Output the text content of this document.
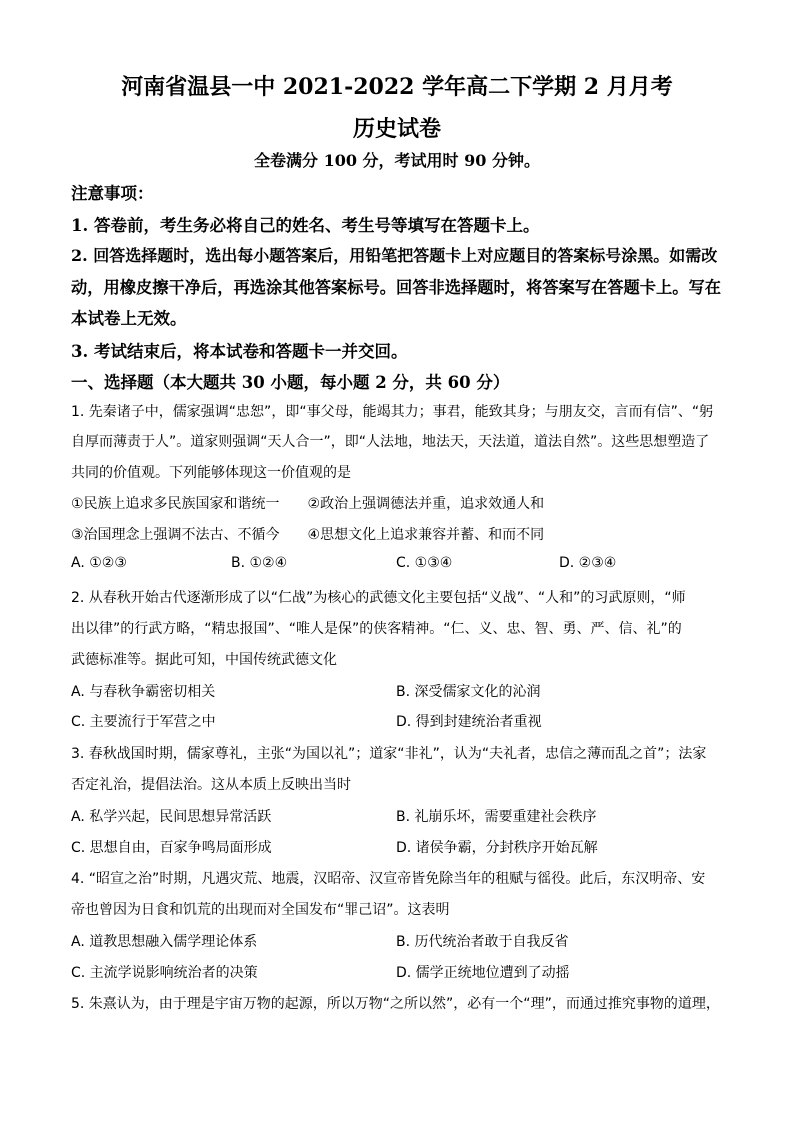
河南省温县一中 2021-2022 学年高二下学期 2 月月考
历史试卷
全卷满分 100 分，考试用时 90 分钟。
注意事项：
1. 答卷前，考生务必将自己的姓名、考生号等填写在答题卡上。
2. 回答选择题时，选出每小题答案后，用铅笔把答题卡上对应题目的答案标号涂黑。如需改
动，用橡皮擦干净后，再选涂其他答案标号。回答非选择题时，将答案写在答题卡上。写在
本试卷上无效。
3. 考试结束后，将本试卷和答题卡一并交回。
一、选择题（本大题共 30 小题，每小题 2 分，共 60 分）
1. 先秦诸子中，儒家强调“忠恕”，即“事父母，能竭其力；事君，能致其身；与朋友交，言而有信”、“躬
自厚而薄责于人”。道家则强调“天人合一”，即“人法地，地法天，天法道，道法自然”。这些思想塑造了
共同的价值观。下列能够体现这一价值观的是
①民族上追求多民族国家和谐统一　　②政治上强调德法并重，追求效通人和
③治国理念上强调不法古、不循今　　④思想文化上追求兼容并蓄、和而不同
A. ①②③	B. ①②④	C. ①③④	D. ②③④
2. 从春秋开始古代逐渐形成了以“仁战”为核心的武德文化主要包括“义战”、“人和”的习武原则，“师
出以律”的行武方略，“精忠报国”、“唯人是保”的侠客精神。“仁、义、忠、智、勇、严、信、礼”的
武德标准等。据此可知，中国传统武德文化
A. 与春秋争霸密切相关	B. 深受儒家文化的沁润
C. 主要流行于军营之中	D. 得到封建统治者重视
3. 春秋战国时期，儒家尊礼，主张“为国以礼”；道家“非礼”，认为“夫礼者，忠信之薄而乱之首”；法家
否定礼治，提倡法治。这从本质上反映出当时
A. 私学兴起，民间思想异常活跃	B. 礼崩乐坏，需要重建社会秩序
C. 思想自由，百家争鸣局面形成	D. 诸侯争霸，分封秩序开始瓦解
4. “昭宣之治”时期，凡遇灾荒、地震，汉昭帝、汉宣帝皆免除当年的租赋与徭役。此后，东汉明帝、安
帝也曾因为日食和饥荒的出现而对全国发布“罪己诏”。这表明
A. 道教思想融入儒学理论体系	B. 历代统治者敢于自我反省
C. 主流学说影响统治者的决策	D. 儒学正统地位遭到了动摇
5. 朱熹认为，由于理是宇宙万物的起源，所以万物“之所以然”，必有一个“理”，而通过推究事物的道理，
